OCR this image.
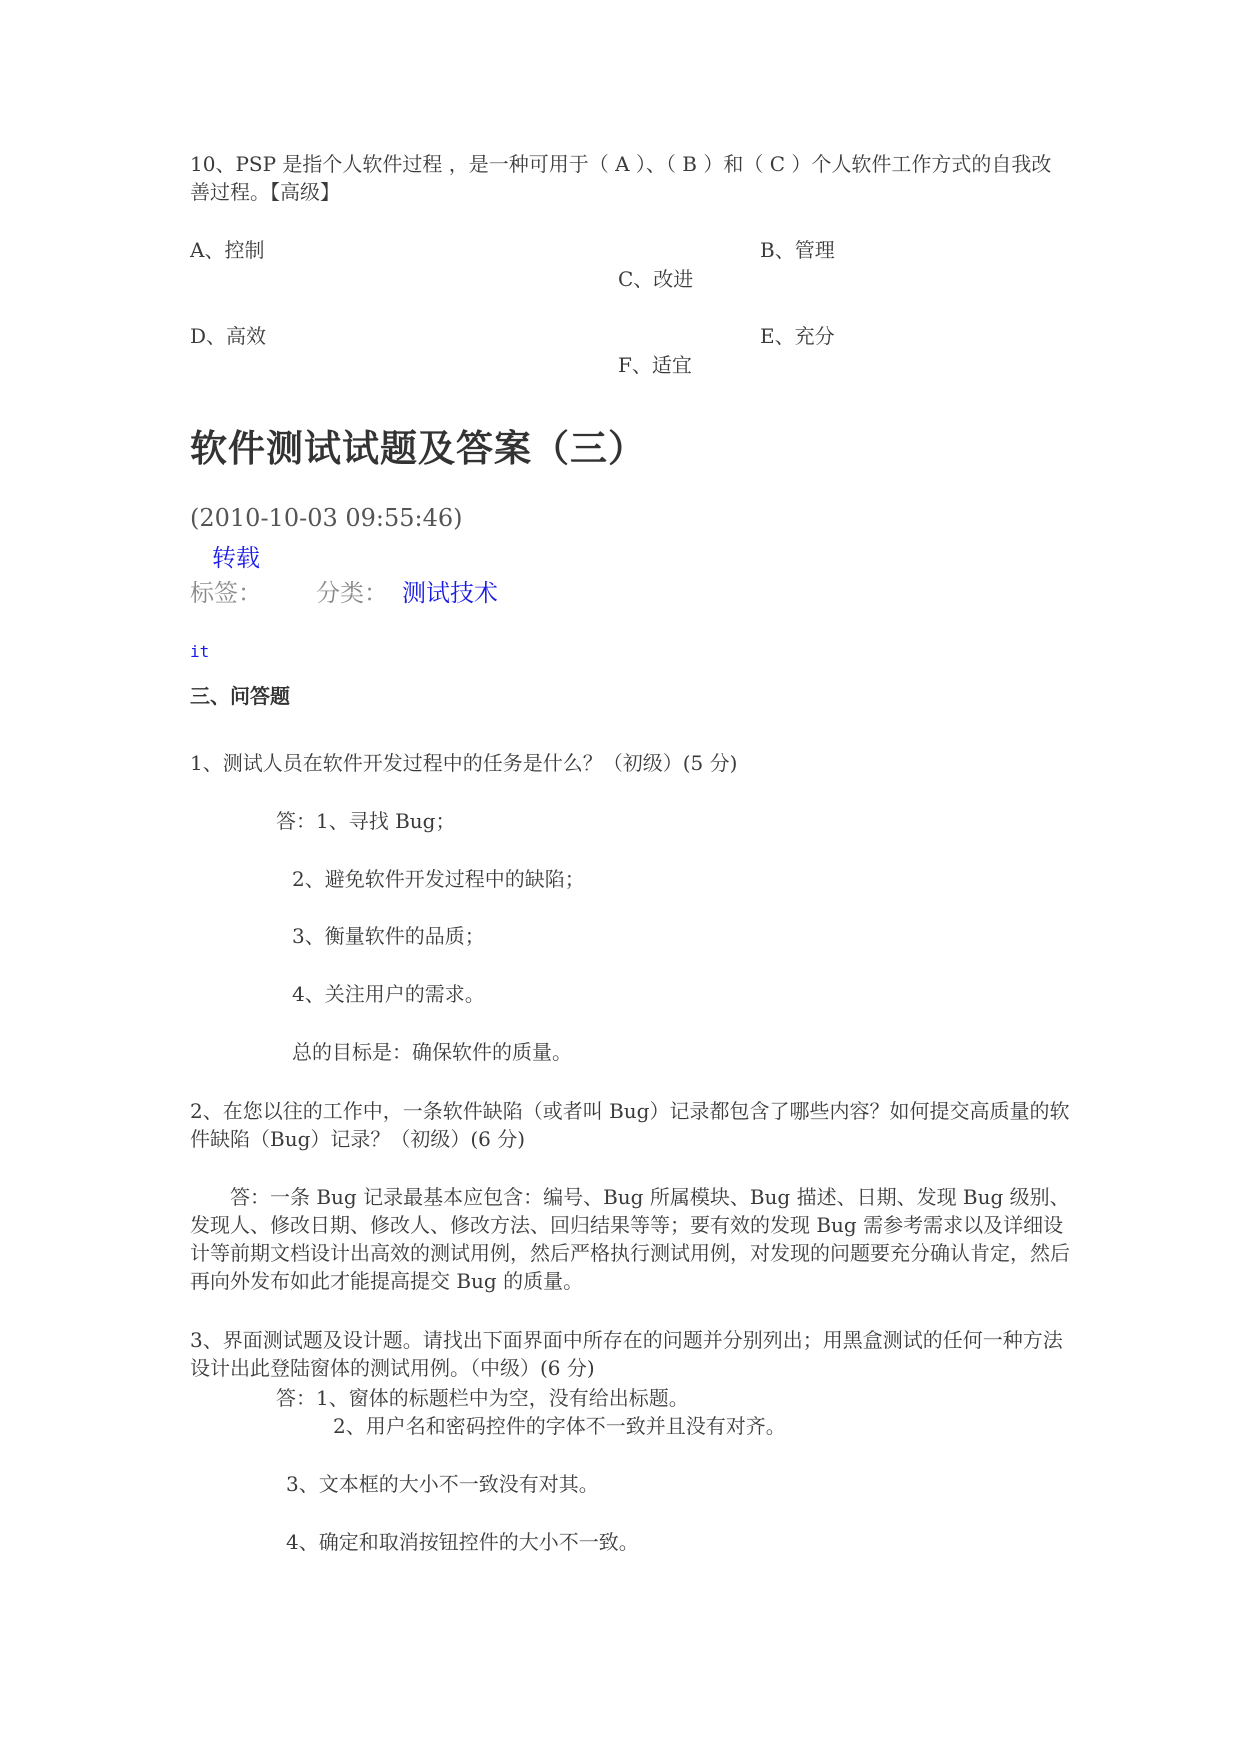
10、PSP 是指个人软件过程 ，是一种可用于（ A ）、（ B ）和（ C ）个人软件工作方式的自我改善过程。【高级】
A、控制	B、管理
C、改进
D、高效	E、充分
F、适宜
软件测试试题及答案（三）
(2010-10-03 09:55:46)
转载
标签： 分类： 测试技术
it
三、问答题
1、测试人员在软件开发过程中的任务是什么？（初级）(5 分)
答：1、寻找 Bug；
2、避免软件开发过程中的缺陷；
3、衡量软件的品质；
4、关注用户的需求。
总的目标是：确保软件的质量。
2、在您以往的工作中，一条软件缺陷（或者叫 Bug）记录都包含了哪些内容？如何提交高质量的软件缺陷（Bug）记录？（初级）(6 分)
答：一条 Bug 记录最基本应包含：编号、Bug 所属模块、Bug 描述、日期、发现 Bug 级别、发现人、修改日期、修改人、修改方法、回归结果等等；要有效的发现 Bug 需参考需求以及详细设计等前期文档设计出高效的测试用例，然后严格执行测试用例，对发现的问题要充分确认肯定，然后再向外发布如此才能提高提交 Bug 的质量。
3、界面测试题及设计题。请找出下面界面中所存在的问题并分别列出；用黑盒测试的任何一种方法设计出此登陆窗体的测试用例。（中级）(6 分)
答：1、窗体的标题栏中为空，没有给出标题。
2、用户名和密码控件的字体不一致并且没有对齐。
3、文本框的大小不一致没有对其。
4、确定和取消按钮控件的大小不一致。
